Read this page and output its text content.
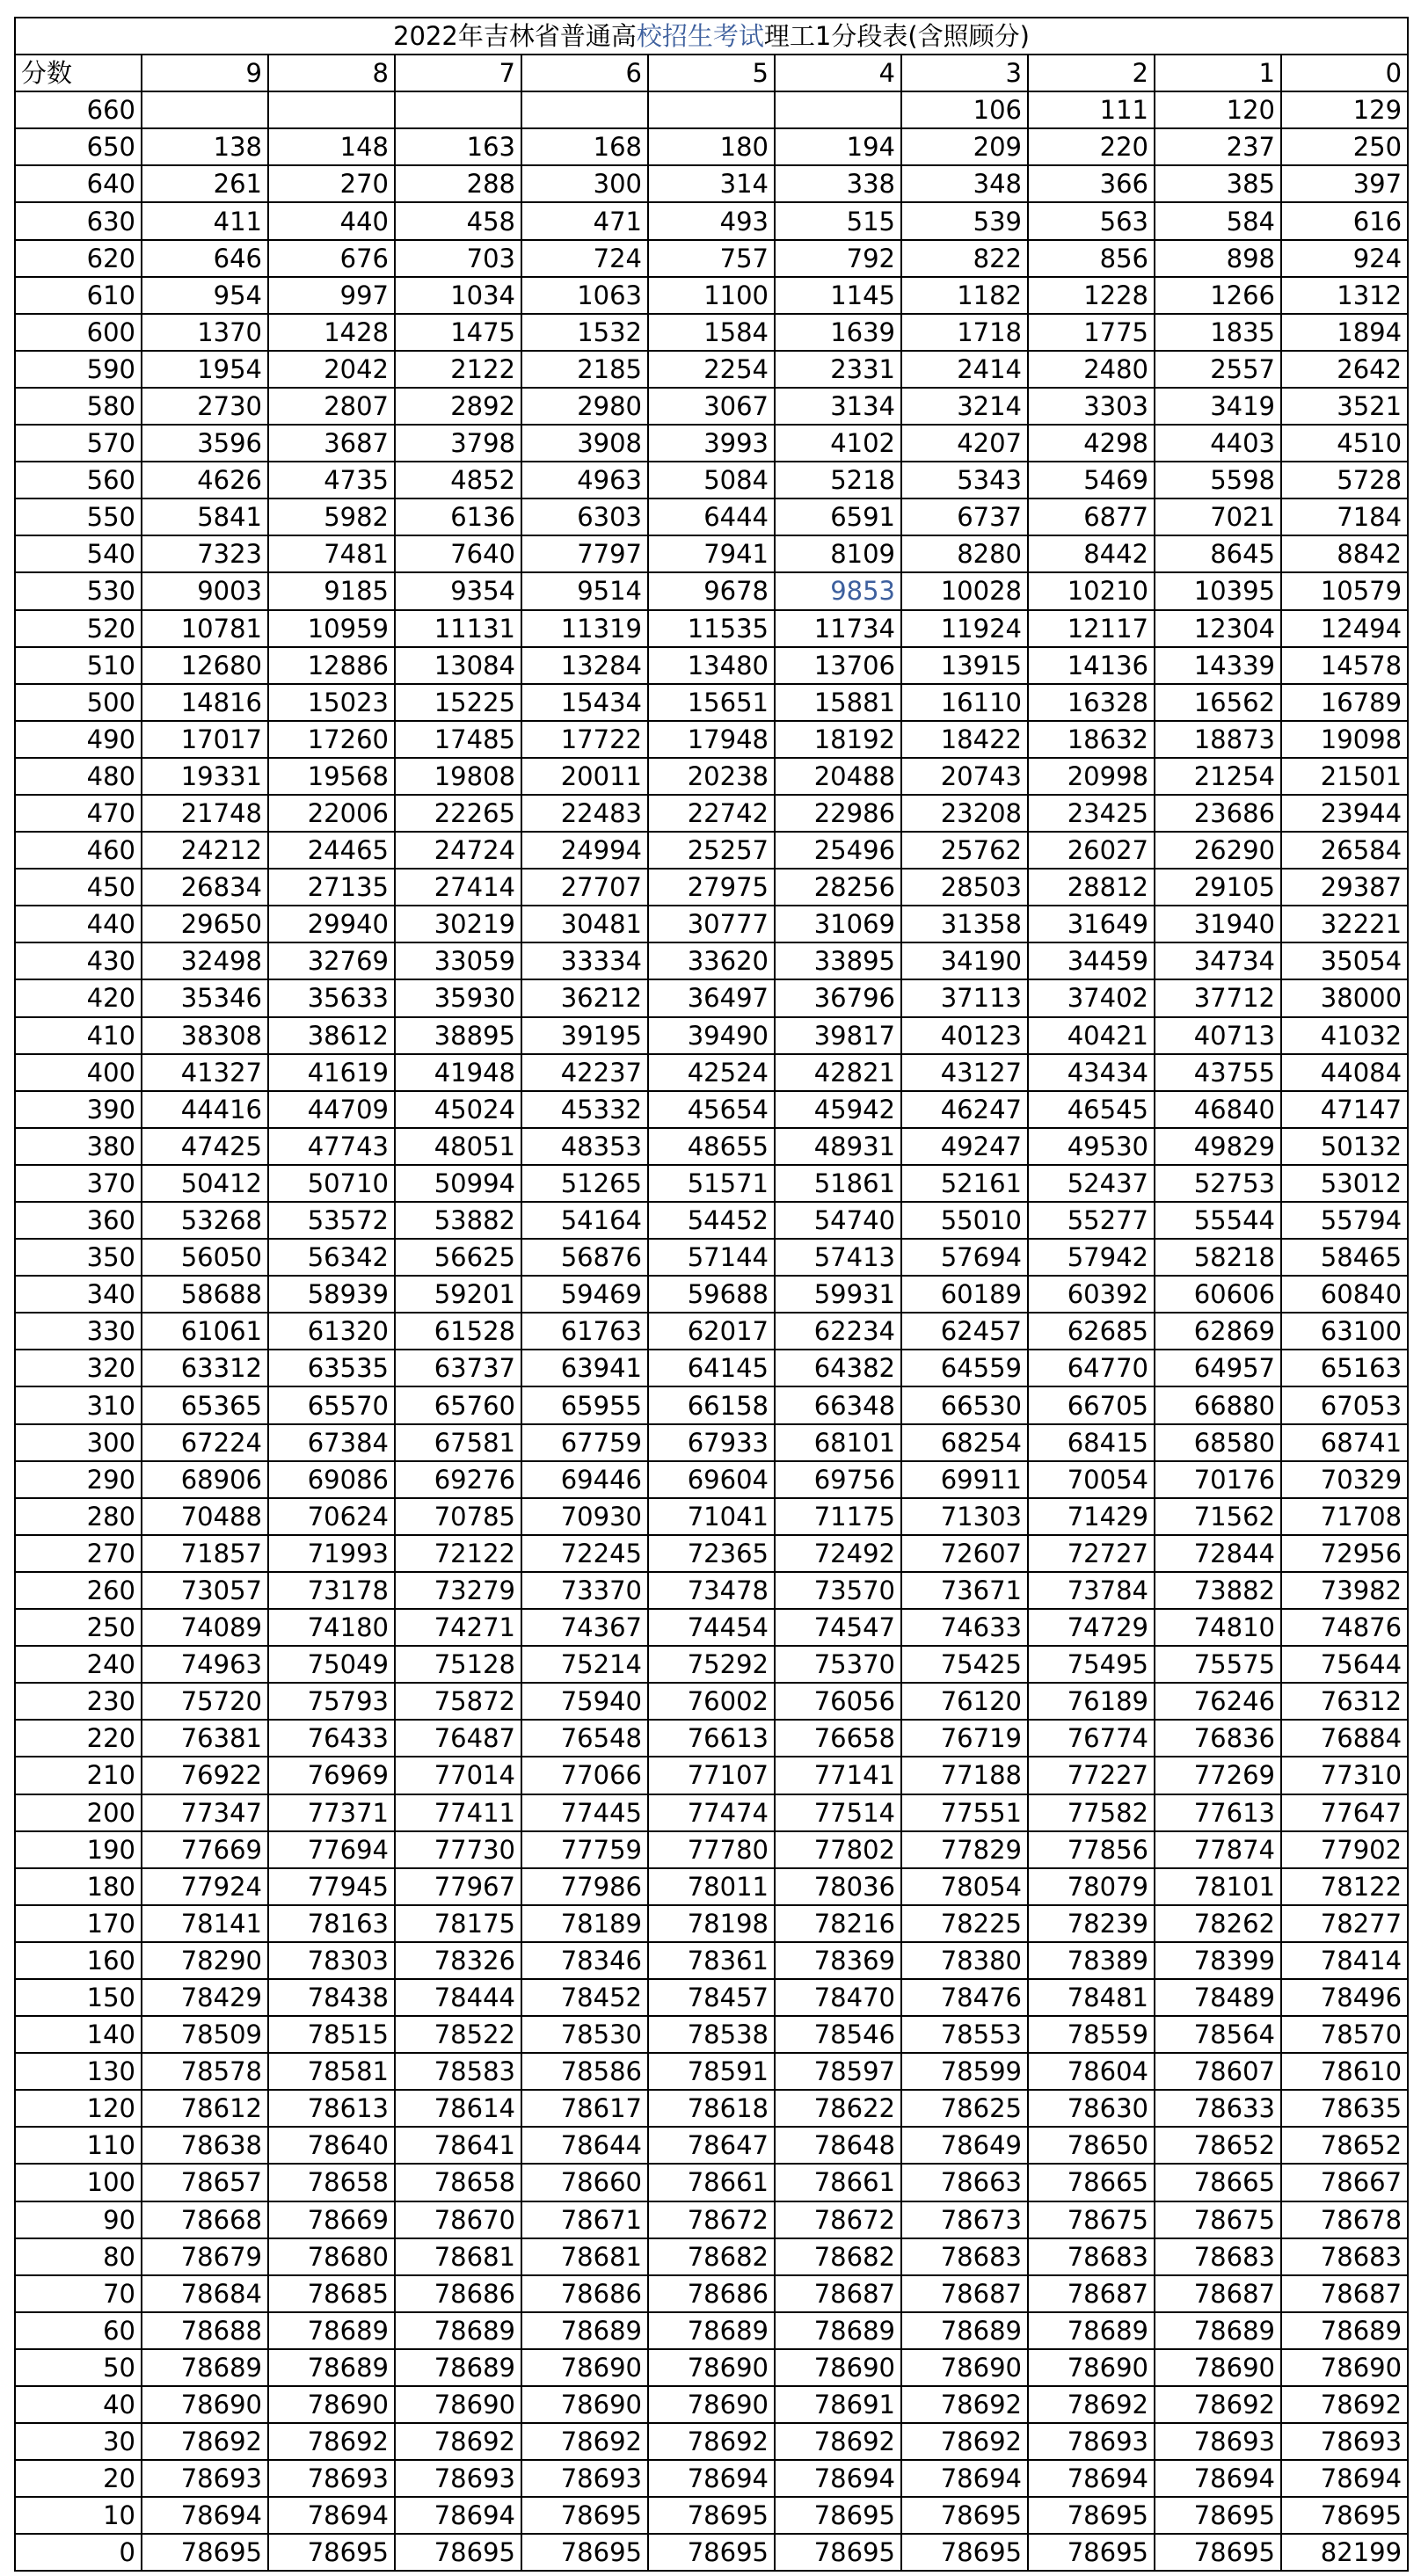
2022年吉林省普通高校招生考试理工1分段表(含照顾分)										
分数	9	8	7	6	5	4	3	2	1	0
660							106	111	120	129
650	138	148	163	168	180	194	209	220	237	250
640	261	270	288	300	314	338	348	366	385	397
630	411	440	458	471	493	515	539	563	584	616
620	646	676	703	724	757	792	822	856	898	924
610	954	997	1034	1063	1100	1145	1182	1228	1266	1312
600	1370	1428	1475	1532	1584	1639	1718	1775	1835	1894
590	1954	2042	2122	2185	2254	2331	2414	2480	2557	2642
580	2730	2807	2892	2980	3067	3134	3214	3303	3419	3521
570	3596	3687	3798	3908	3993	4102	4207	4298	4403	4510
560	4626	4735	4852	4963	5084	5218	5343	5469	5598	5728
550	5841	5982	6136	6303	6444	6591	6737	6877	7021	7184
540	7323	7481	7640	7797	7941	8109	8280	8442	8645	8842
530	9003	9185	9354	9514	9678	9853	10028	10210	10395	10579
520	10781	10959	11131	11319	11535	11734	11924	12117	12304	12494
510	12680	12886	13084	13284	13480	13706	13915	14136	14339	14578
500	14816	15023	15225	15434	15651	15881	16110	16328	16562	16789
490	17017	17260	17485	17722	17948	18192	18422	18632	18873	19098
480	19331	19568	19808	20011	20238	20488	20743	20998	21254	21501
470	21748	22006	22265	22483	22742	22986	23208	23425	23686	23944
460	24212	24465	24724	24994	25257	25496	25762	26027	26290	26584
450	26834	27135	27414	27707	27975	28256	28503	28812	29105	29387
440	29650	29940	30219	30481	30777	31069	31358	31649	31940	32221
430	32498	32769	33059	33334	33620	33895	34190	34459	34734	35054
420	35346	35633	35930	36212	36497	36796	37113	37402	37712	38000
410	38308	38612	38895	39195	39490	39817	40123	40421	40713	41032
400	41327	41619	41948	42237	42524	42821	43127	43434	43755	44084
390	44416	44709	45024	45332	45654	45942	46247	46545	46840	47147
380	47425	47743	48051	48353	48655	48931	49247	49530	49829	50132
370	50412	50710	50994	51265	51571	51861	52161	52437	52753	53012
360	53268	53572	53882	54164	54452	54740	55010	55277	55544	55794
350	56050	56342	56625	56876	57144	57413	57694	57942	58218	58465
340	58688	58939	59201	59469	59688	59931	60189	60392	60606	60840
330	61061	61320	61528	61763	62017	62234	62457	62685	62869	63100
320	63312	63535	63737	63941	64145	64382	64559	64770	64957	65163
310	65365	65570	65760	65955	66158	66348	66530	66705	66880	67053
300	67224	67384	67581	67759	67933	68101	68254	68415	68580	68741
290	68906	69086	69276	69446	69604	69756	69911	70054	70176	70329
280	70488	70624	70785	70930	71041	71175	71303	71429	71562	71708
270	71857	71993	72122	72245	72365	72492	72607	72727	72844	72956
260	73057	73178	73279	73370	73478	73570	73671	73784	73882	73982
250	74089	74180	74271	74367	74454	74547	74633	74729	74810	74876
240	74963	75049	75128	75214	75292	75370	75425	75495	75575	75644
230	75720	75793	75872	75940	76002	76056	76120	76189	76246	76312
220	76381	76433	76487	76548	76613	76658	76719	76774	76836	76884
210	76922	76969	77014	77066	77107	77141	77188	77227	77269	77310
200	77347	77371	77411	77445	77474	77514	77551	77582	77613	77647
190	77669	77694	77730	77759	77780	77802	77829	77856	77874	77902
180	77924	77945	77967	77986	78011	78036	78054	78079	78101	78122
170	78141	78163	78175	78189	78198	78216	78225	78239	78262	78277
160	78290	78303	78326	78346	78361	78369	78380	78389	78399	78414
150	78429	78438	78444	78452	78457	78470	78476	78481	78489	78496
140	78509	78515	78522	78530	78538	78546	78553	78559	78564	78570
130	78578	78581	78583	78586	78591	78597	78599	78604	78607	78610
120	78612	78613	78614	78617	78618	78622	78625	78630	78633	78635
110	78638	78640	78641	78644	78647	78648	78649	78650	78652	78652
100	78657	78658	78658	78660	78661	78661	78663	78665	78665	78667
90	78668	78669	78670	78671	78672	78672	78673	78675	78675	78678
80	78679	78680	78681	78681	78682	78682	78683	78683	78683	78683
70	78684	78685	78686	78686	78686	78687	78687	78687	78687	78687
60	78688	78689	78689	78689	78689	78689	78689	78689	78689	78689
50	78689	78689	78689	78690	78690	78690	78690	78690	78690	78690
40	78690	78690	78690	78690	78690	78691	78692	78692	78692	78692
30	78692	78692	78692	78692	78692	78692	78692	78693	78693	78693
20	78693	78693	78693	78693	78694	78694	78694	78694	78694	78694
10	78694	78694	78694	78695	78695	78695	78695	78695	78695	78695
0	78695	78695	78695	78695	78695	78695	78695	78695	78695	82199
